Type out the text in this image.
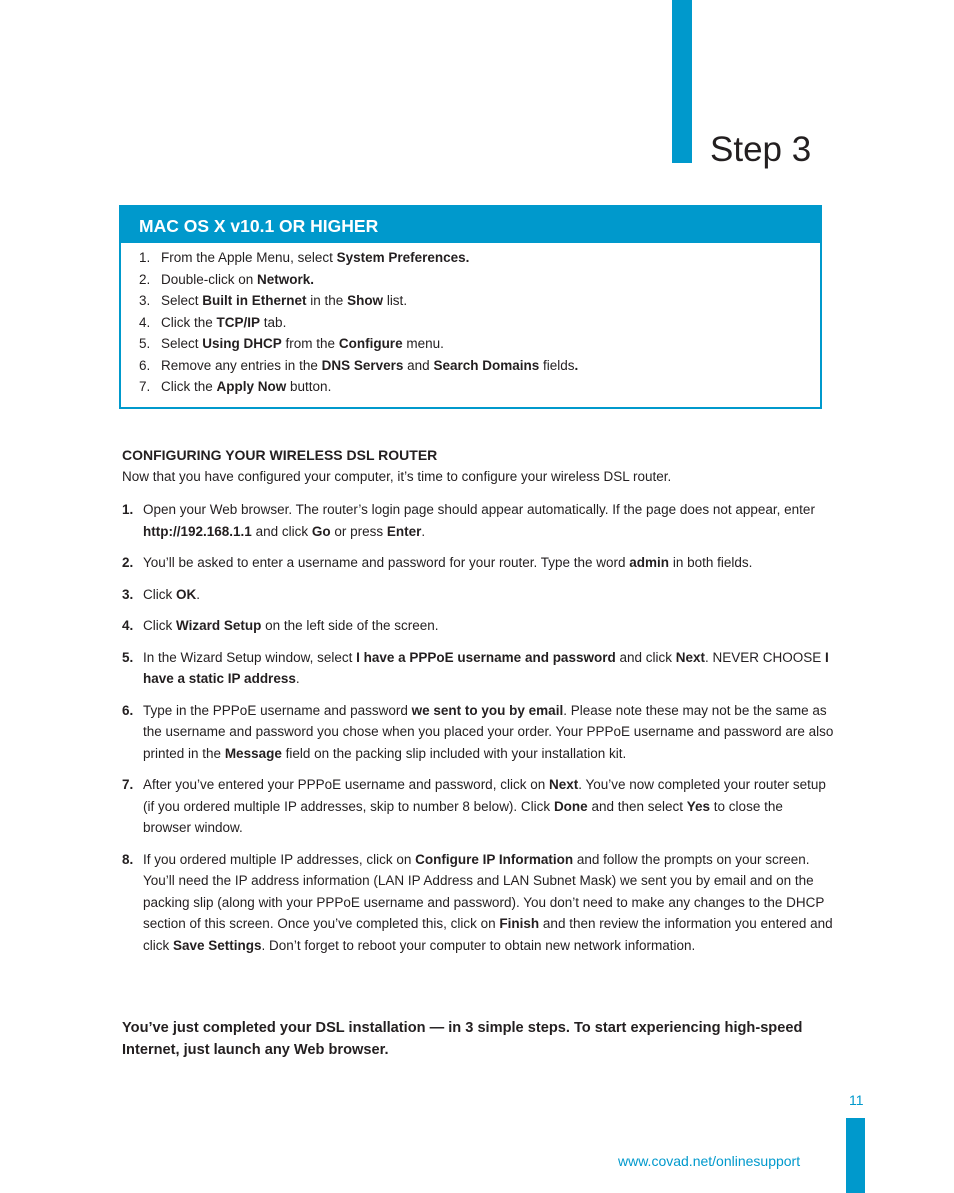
Step 3
MAC OS X v10.1 OR HIGHER
1. From the Apple Menu, select System Preferences.
2. Double-click on Network.
3. Select Built in Ethernet in the Show list.
4. Click the TCP/IP tab.
5. Select Using DHCP from the Configure menu.
6. Remove any entries in the DNS Servers and Search Domains fields.
7. Click the Apply Now button.
CONFIGURING YOUR WIRELESS DSL ROUTER

Now that you have configured your computer, it’s time to configure your wireless DSL router.

1. Open your Web browser. The router’s login page should appear automatically. If the page does not appear, enter http://192.168.1.1 and click Go or press Enter.
2. You’ll be asked to enter a username and password for your router. Type the word admin in both fields.
3. Click OK.
4. Click Wizard Setup on the left side of the screen.
5. In the Wizard Setup window, select I have a PPPoE username and password and click Next. NEVER CHOOSE I have a static IP address.
6. Type in the PPPoE username and password we sent to you by email. Please note these may not be the same as the username and password you chose when you placed your order. Your PPPoE username and password are also printed in the Message field on the packing slip included with your installation kit.
7. After you’ve entered your PPPoE username and password, click on Next. You’ve now completed your router setup (if you ordered multiple IP addresses, skip to number 8 below). Click Done and then select Yes to close the browser window.
8. If you ordered multiple IP addresses, click on Configure IP Information and follow the prompts on your screen. You’ll need the IP address information (LAN IP Address and LAN Subnet Mask) we sent you by email and on the packing slip (along with your PPPoE username and password). You don’t need to make any changes to the DHCP section of this screen. Once you’ve completed this, click on Finish and then review the information you entered and click Save Settings. Don’t forget to reboot your computer to obtain new network information.

You’ve just completed your DSL installation — in 3 simple steps. To start experiencing high-speed Internet, just launch any Web browser.

11

www.covad.net/onlinesupport
